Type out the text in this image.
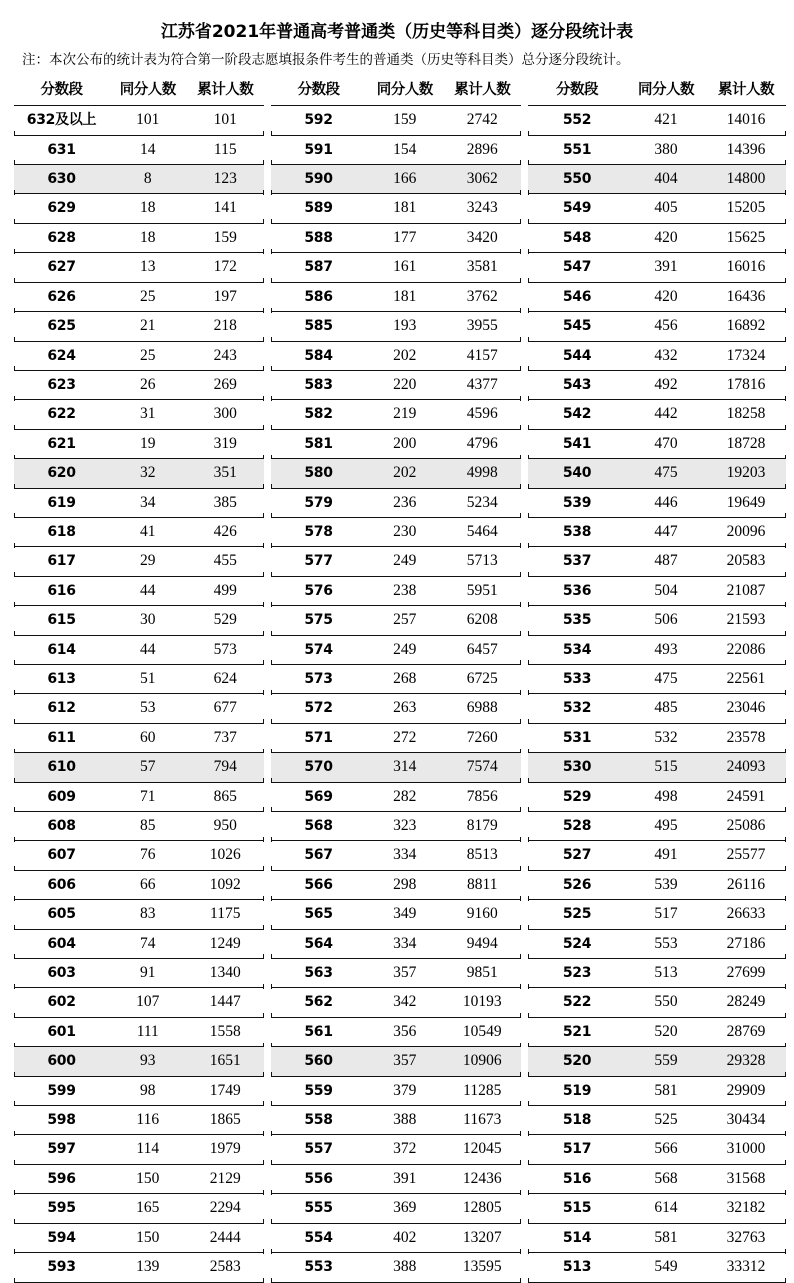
江苏省2021年普通高考普通类（历史等科目类）逐分段统计表
注：本次公布的统计表为符合第一阶段志愿填报条件考生的普通类（历史等科目类）总分逐分段统计。
分数段	同分人数	累计人数
632及以上	101	101
631	14	115
630	8	123
629	18	141
628	18	159
627	13	172
626	25	197
625	21	218
624	25	243
623	26	269
622	31	300
621	19	319
620	32	351
619	34	385
618	41	426
617	29	455
616	44	499
615	30	529
614	44	573
613	51	624
612	53	677
611	60	737
610	57	794
609	71	865
608	85	950
607	76	1026
606	66	1092
605	83	1175
604	74	1249
603	91	1340
602	107	1447
601	111	1558
600	93	1651
599	98	1749
598	116	1865
597	114	1979
596	150	2129
595	165	2294
594	150	2444
593	139	2583
分数段	同分人数	累计人数
592	159	2742
591	154	2896
590	166	3062
589	181	3243
588	177	3420
587	161	3581
586	181	3762
585	193	3955
584	202	4157
583	220	4377
582	219	4596
581	200	4796
580	202	4998
579	236	5234
578	230	5464
577	249	5713
576	238	5951
575	257	6208
574	249	6457
573	268	6725
572	263	6988
571	272	7260
570	314	7574
569	282	7856
568	323	8179
567	334	8513
566	298	8811
565	349	9160
564	334	9494
563	357	9851
562	342	10193
561	356	10549
560	357	10906
559	379	11285
558	388	11673
557	372	12045
556	391	12436
555	369	12805
554	402	13207
553	388	13595
分数段	同分人数	累计人数
552	421	14016
551	380	14396
550	404	14800
549	405	15205
548	420	15625
547	391	16016
546	420	16436
545	456	16892
544	432	17324
543	492	17816
542	442	18258
541	470	18728
540	475	19203
539	446	19649
538	447	20096
537	487	20583
536	504	21087
535	506	21593
534	493	22086
533	475	22561
532	485	23046
531	532	23578
530	515	24093
529	498	24591
528	495	25086
527	491	25577
526	539	26116
525	517	26633
524	553	27186
523	513	27699
522	550	28249
521	520	28769
520	559	29328
519	581	29909
518	525	30434
517	566	31000
516	568	31568
515	614	32182
514	581	32763
513	549	33312
